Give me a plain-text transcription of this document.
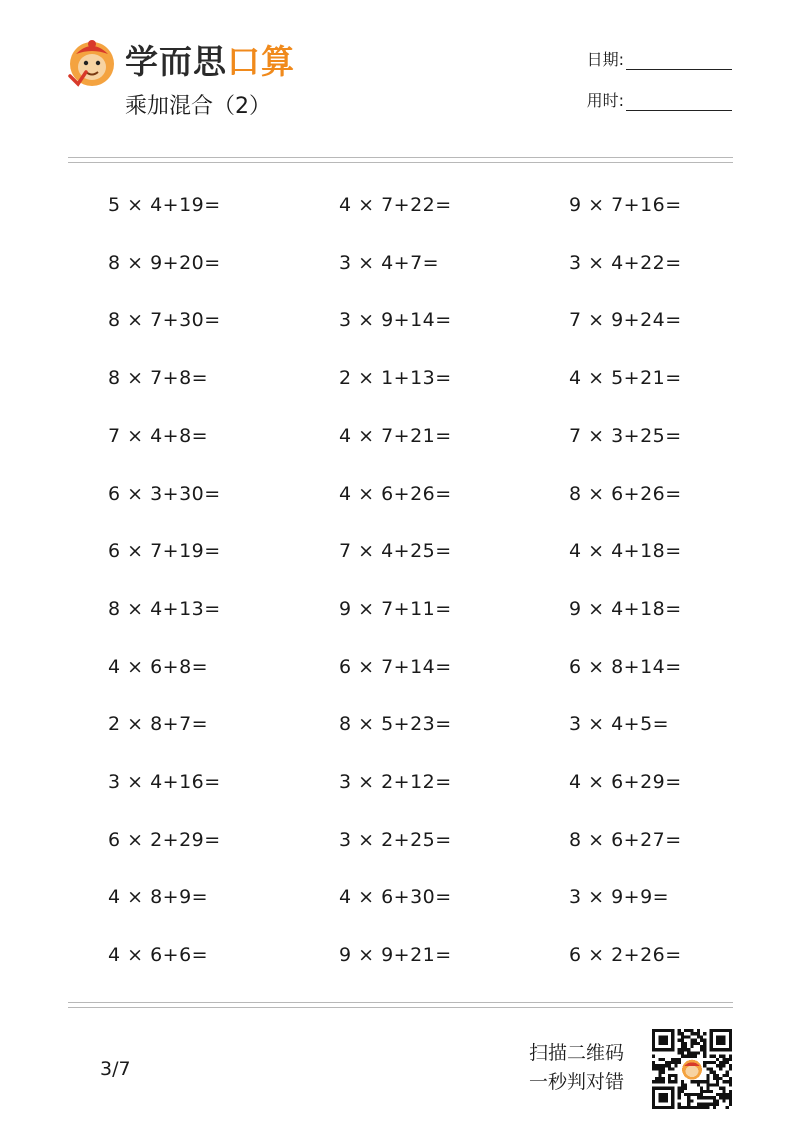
学而思口算
乘加混合（2）
日期:
用时:
5 × 4+19=	4 × 7+22=	9 × 7+16=
8 × 9+20=	3 × 4+7=	3 × 4+22=
8 × 7+30=	3 × 9+14=	7 × 9+24=
8 × 7+8=	2 × 1+13=	4 × 5+21=
7 × 4+8=	4 × 7+21=	7 × 3+25=
6 × 3+30=	4 × 6+26=	8 × 6+26=
6 × 7+19=	7 × 4+25=	4 × 4+18=
8 × 4+13=	9 × 7+11=	9 × 4+18=
4 × 6+8=	6 × 7+14=	6 × 8+14=
2 × 8+7=	8 × 5+23=	3 × 4+5=
3 × 4+16=	3 × 2+12=	4 × 6+29=
6 × 2+29=	3 × 2+25=	8 × 6+27=
4 × 8+9=	4 × 6+30=	3 × 9+9=
4 × 6+6=	9 × 9+21=	6 × 2+26=
3/7
扫描二维码
一秒判对错
